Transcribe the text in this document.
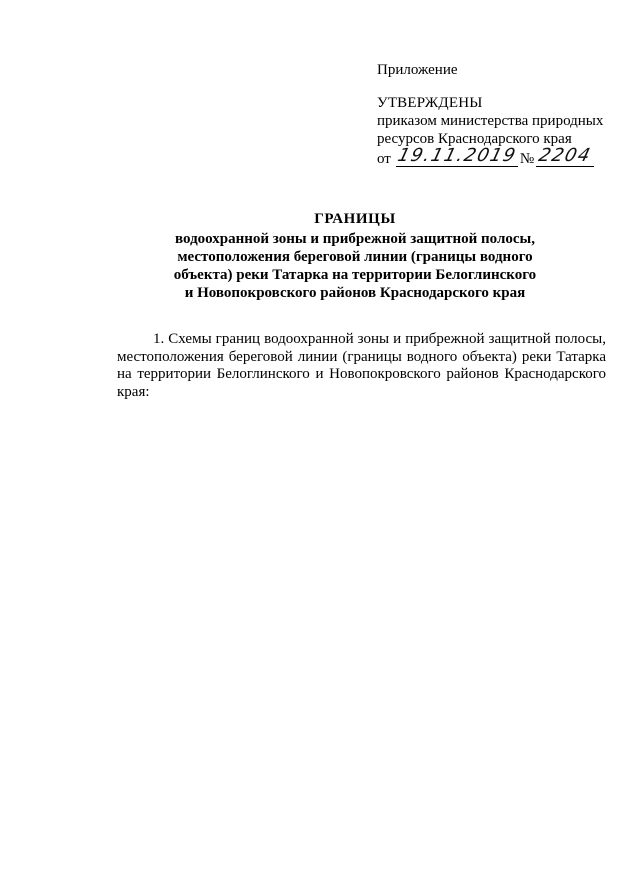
Приложение
УТВЕРЖДЕНЫ
приказом министерства природных
ресурсов Краснодарского края
от 19.11.2019 № 2204
ГРАНИЦЫ
водоохранной зоны и прибрежной защитной полосы,
местоположения береговой линии (границы водного
объекта) реки Татарка на территории Белоглинского
и Новопокровского районов Краснодарского края

1. Схемы границ водоохранной зоны и прибрежной защитной полосы, местоположения береговой линии (границы водного объекта) реки Татарка на территории Белоглинского и Новопокровского районов Краснодарского края:
